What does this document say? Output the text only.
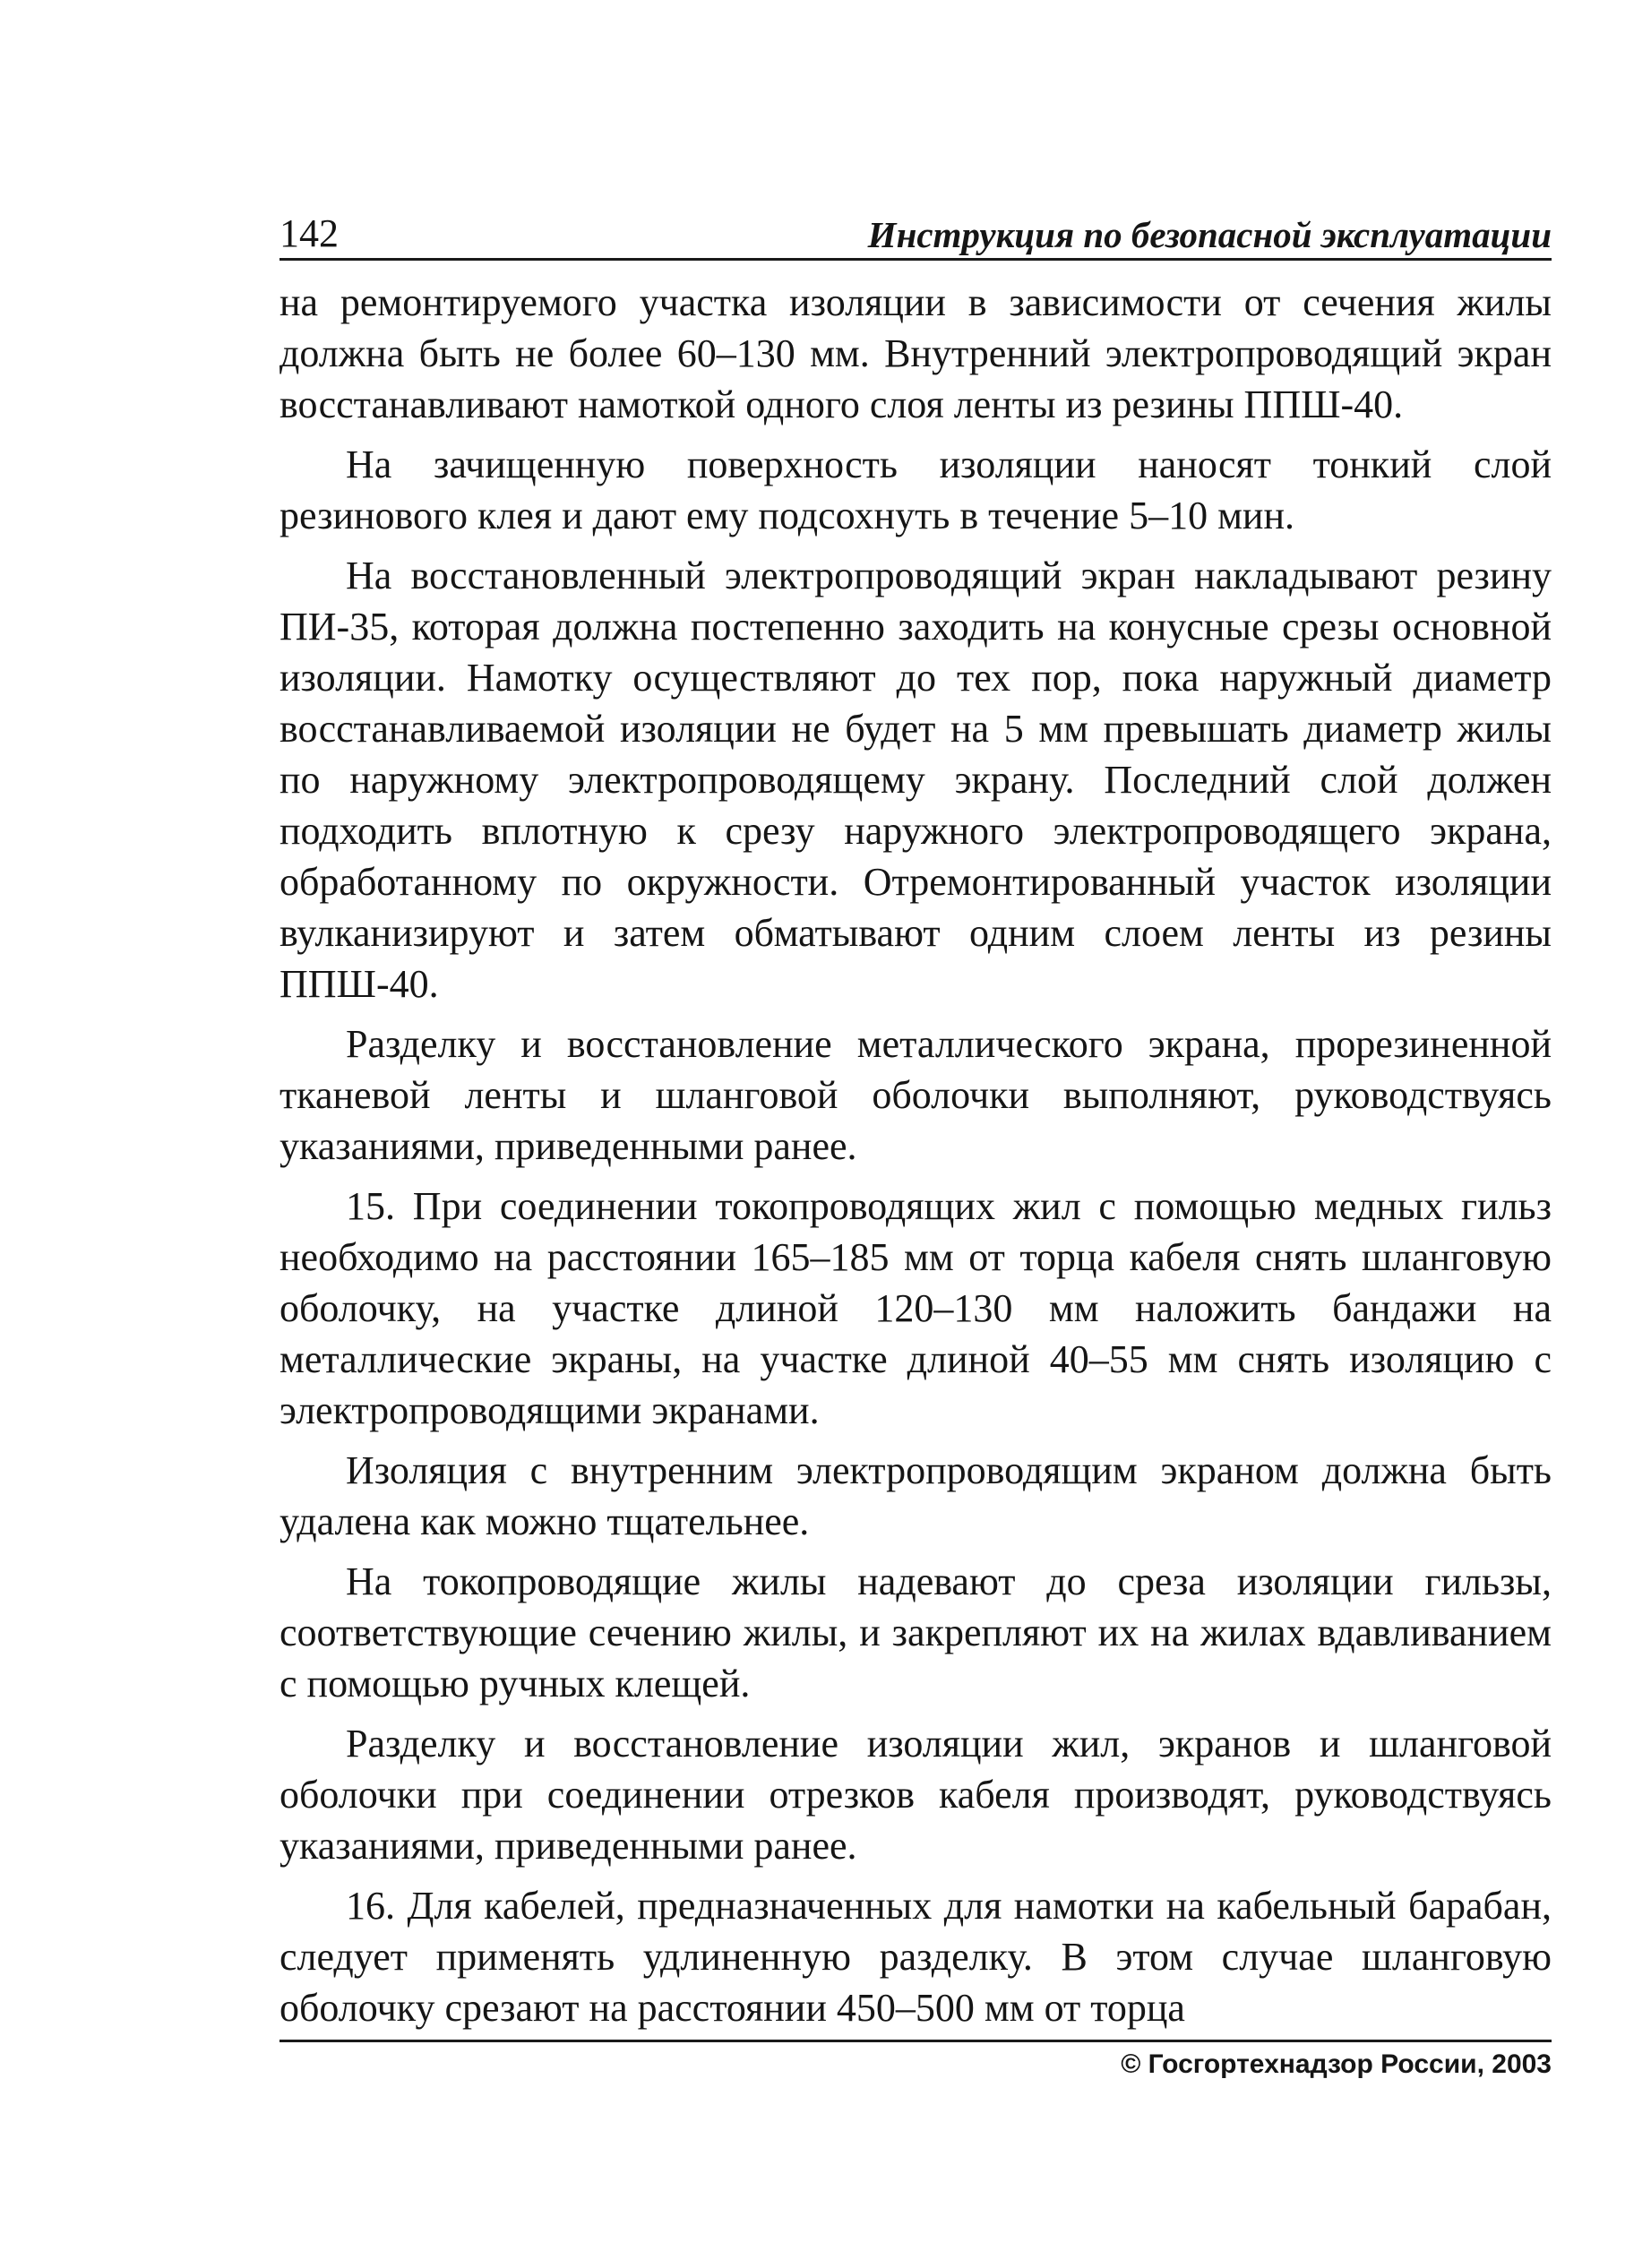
142	Инструкция по безопасной эксплуатации

на ремонтируемого участка изоляции в зависимости от сечения жилы должна быть не более 60–130 мм. Внутренний электропроводящий экран восстанавливают намоткой одного слоя ленты из резины ППШ-40.

На зачищенную поверхность изоляции наносят тонкий слой резинового клея и дают ему подсохнуть в течение 5–10 мин.

На восстановленный электропроводящий экран накладывают резину ПИ-35, которая должна постепенно заходить на конусные срезы основной изоляции. Намотку осуществляют до тех пор, пока наружный диаметр восстанавливаемой изоляции не будет на 5 мм превышать диаметр жилы по наружному электропроводящему экрану. Последний слой должен подходить вплотную к срезу наружного электропроводящего экрана, обработанному по окружности. Отремонтированный участок изоляции вулканизируют и затем обматывают одним слоем ленты из резины ППШ-40.

Разделку и восстановление металлического экрана, прорезиненной тканевой ленты и шланговой оболочки выполняют, руководствуясь указаниями, приведенными ранее.

15. При соединении токопроводящих жил с помощью медных гильз необходимо на расстоянии 165–185 мм от торца кабеля снять шланговую оболочку, на участке длиной 120–130 мм наложить бандажи на металлические экраны, на участке длиной 40–55 мм снять изоляцию с электропроводящими экранами.

Изоляция с внутренним электропроводящим экраном должна быть удалена как можно тщательнее.

На токопроводящие жилы надевают до среза изоляции гильзы, соответствующие сечению жилы, и закрепляют их на жилах вдавливанием с помощью ручных клещей.

Разделку и восстановление изоляции жил, экранов и шланговой оболочки при соединении отрезков кабеля производят, руководствуясь указаниями, приведенными ранее.

16. Для кабелей, предназначенных для намотки на кабельный барабан, следует применять удлиненную разделку. В этом случае шланговую оболочку срезают на расстоянии 450–500 мм от торца

© Госгортехнадзор России, 2003
